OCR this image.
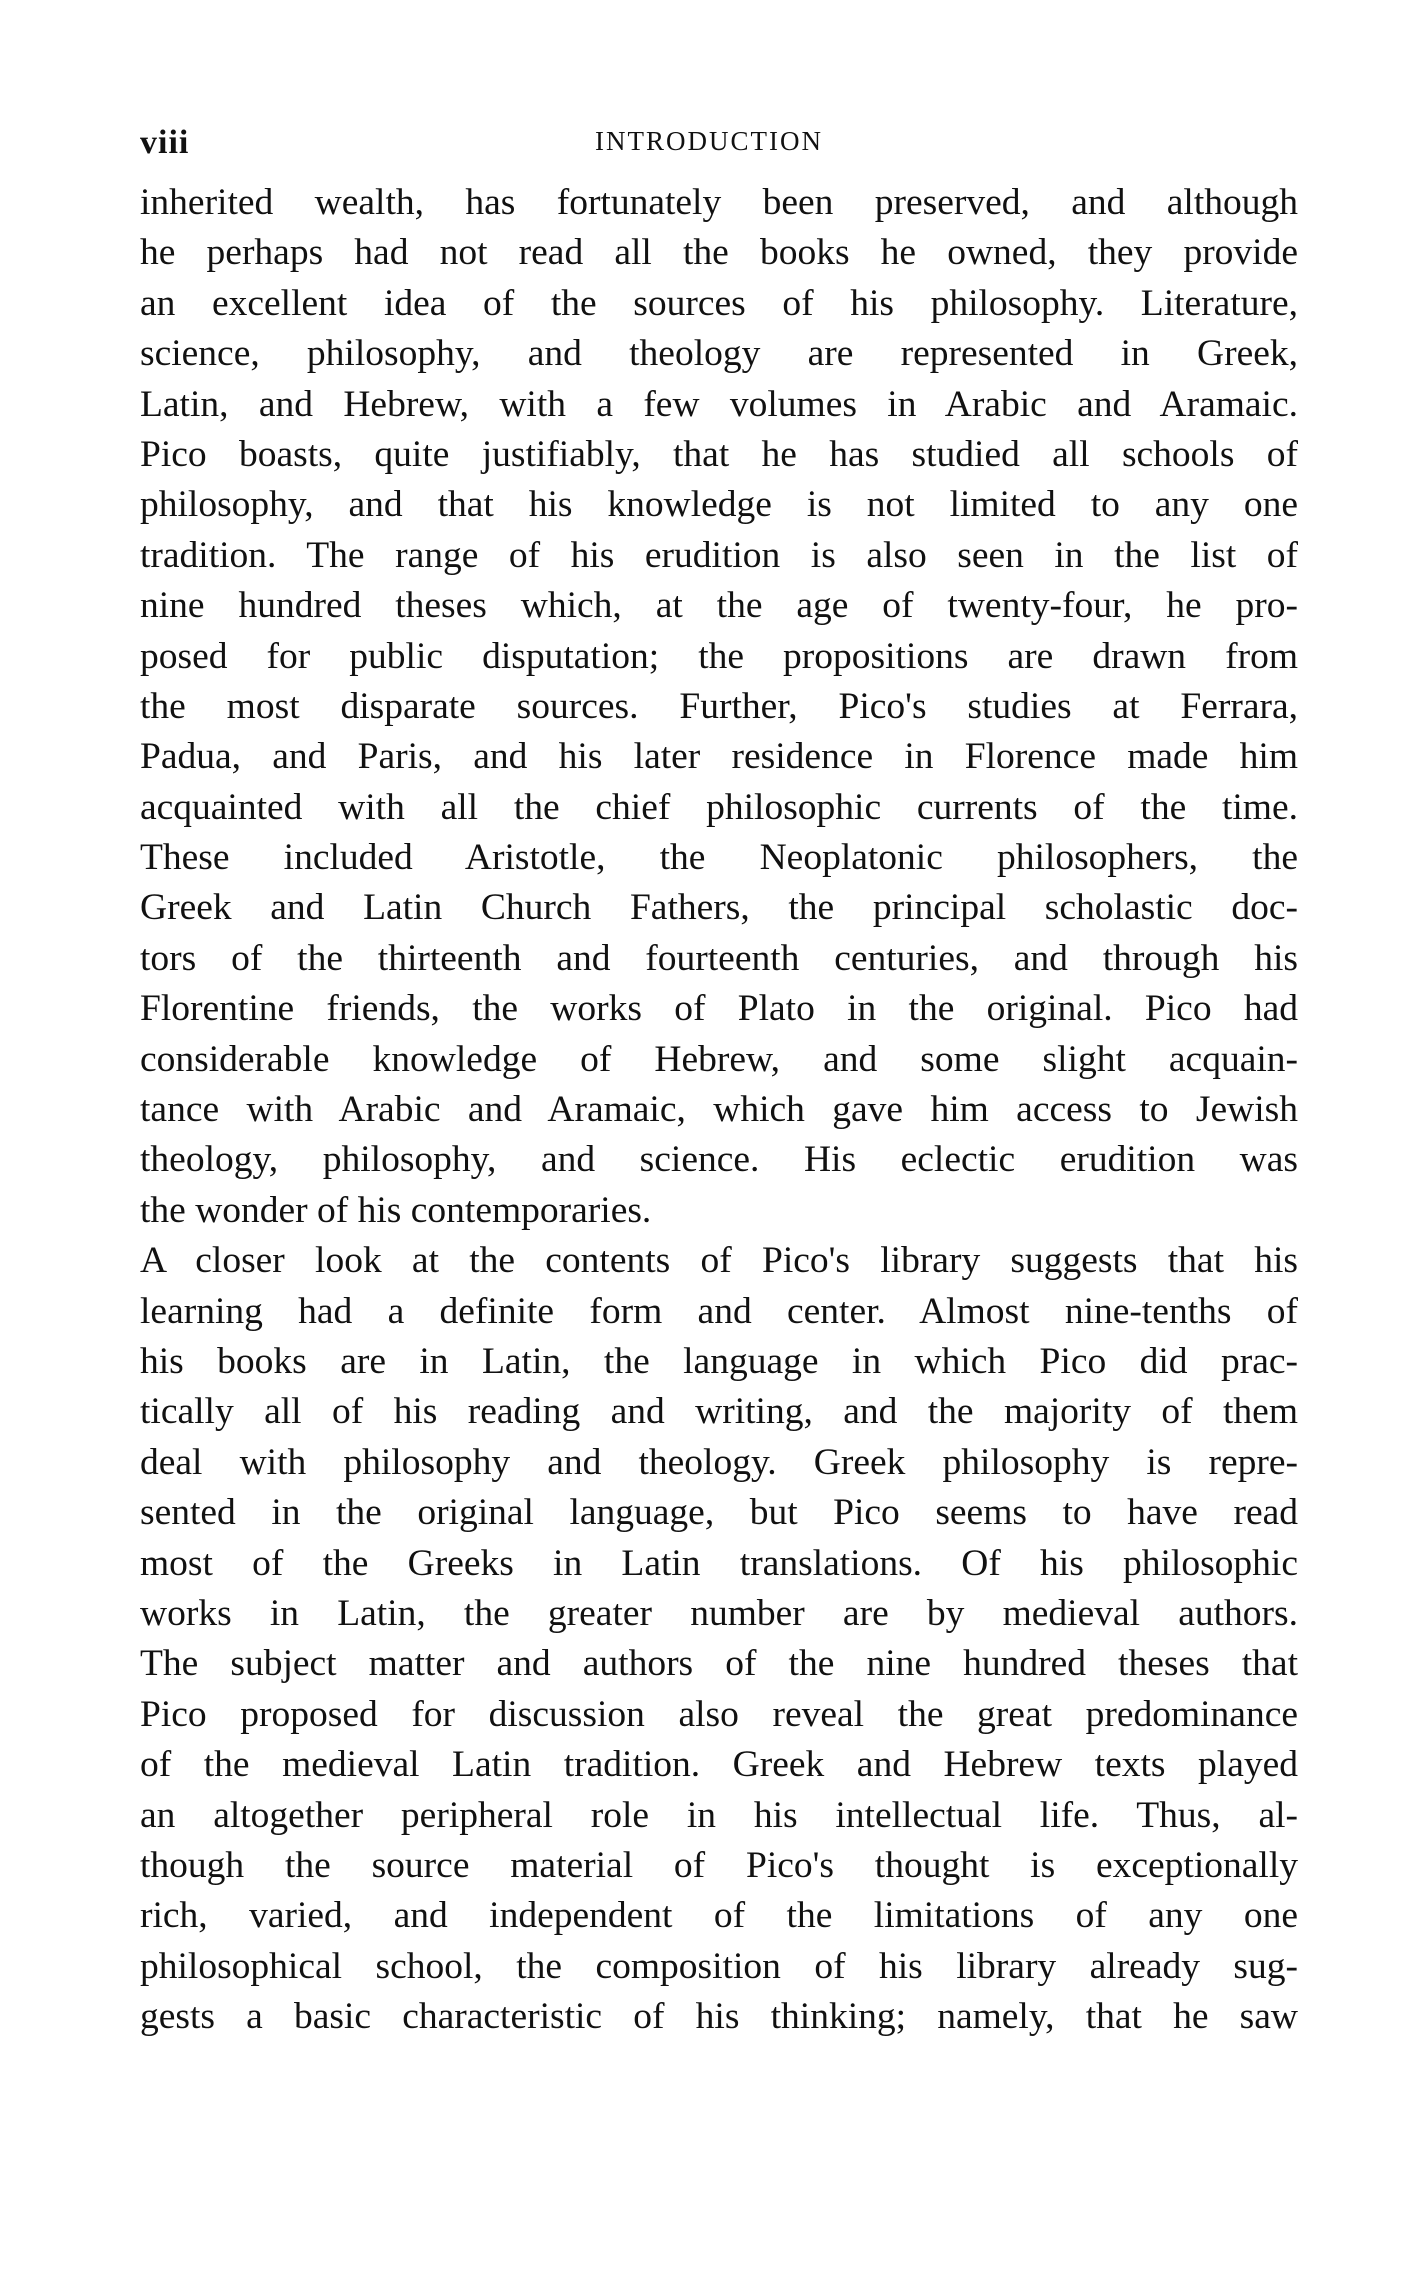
viii	INTRODUCTION
inherited wealth, has fortunately been preserved, and although
he perhaps had not read all the books he owned, they provide
an excellent idea of the sources of his philosophy. Literature,
science, philosophy, and theology are represented in Greek,
Latin, and Hebrew, with a few volumes in Arabic and Aramaic.
Pico boasts, quite justifiably, that he has studied all schools of
philosophy, and that his knowledge is not limited to any one
tradition. The range of his erudition is also seen in the list of
nine hundred theses which, at the age of twenty-four, he pro-
posed for public disputation; the propositions are drawn from
the most disparate sources. Further, Pico's studies at Ferrara,
Padua, and Paris, and his later residence in Florence made him
acquainted with all the chief philosophic currents of the time.
These included Aristotle, the Neoplatonic philosophers, the
Greek and Latin Church Fathers, the principal scholastic doc-
tors of the thirteenth and fourteenth centuries, and through his
Florentine friends, the works of Plato in the original. Pico had
considerable knowledge of Hebrew, and some slight acquain-
tance with Arabic and Aramaic, which gave him access to Jewish
theology, philosophy, and science. His eclectic erudition was
the wonder of his contemporaries.
A closer look at the contents of Pico's library suggests that his
learning had a definite form and center. Almost nine-tenths of
his books are in Latin, the language in which Pico did prac-
tically all of his reading and writing, and the majority of them
deal with philosophy and theology. Greek philosophy is repre-
sented in the original language, but Pico seems to have read
most of the Greeks in Latin translations. Of his philosophic
works in Latin, the greater number are by medieval authors.
The subject matter and authors of the nine hundred theses that
Pico proposed for discussion also reveal the great predominance
of the medieval Latin tradition. Greek and Hebrew texts played
an altogether peripheral role in his intellectual life. Thus, al-
though the source material of Pico's thought is exceptionally
rich, varied, and independent of the limitations of any one
philosophical school, the composition of his library already sug-
gests a basic characteristic of his thinking; namely, that he saw
